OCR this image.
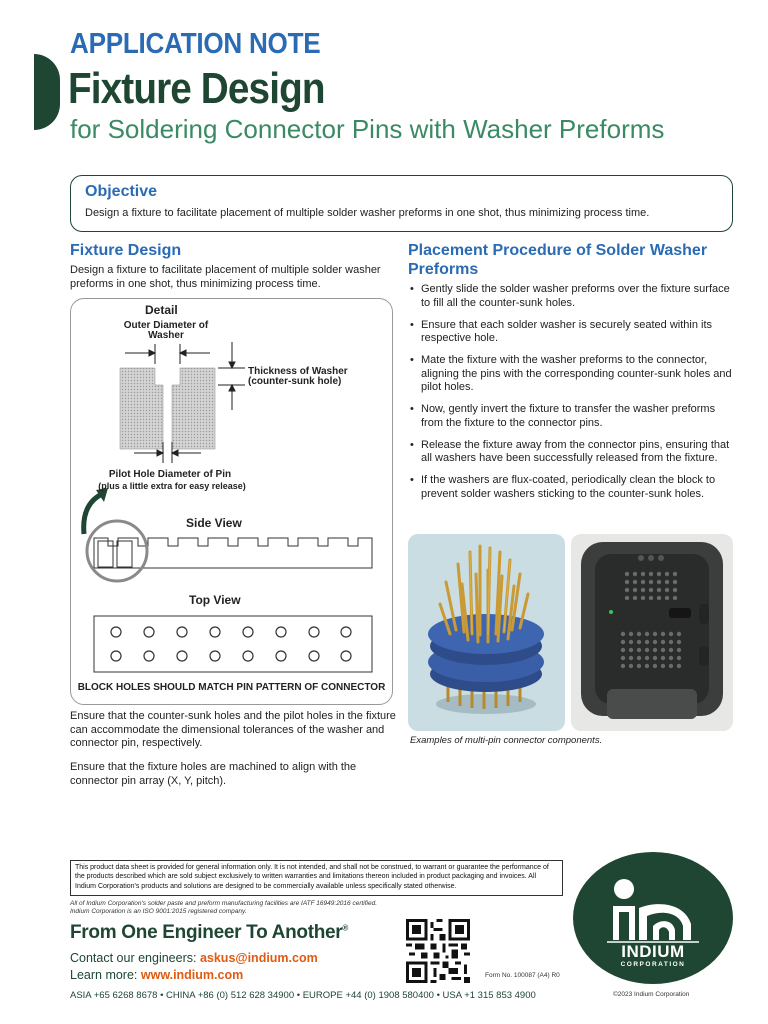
APPLICATION NOTE
Fixture Design
for Soldering Connector Pins with Washer Preforms
Objective
Design a fixture to facilitate placement of multiple solder washer preforms in one shot, thus minimizing process time.
Fixture Design
Design a fixture to facilitate placement of multiple solder washer preforms in one shot, thus minimizing process time.
Detail
Outer Diameter of Washer
Thickness of Washer (counter-sunk hole)
Pilot Hole Diameter of Pin
(plus a little extra for easy release)
Side View
Top View
BLOCK HOLES SHOULD MATCH PIN PATTERN OF CONNECTOR
Ensure that the counter-sunk holes and the pilot holes in the fixture can accommodate the dimensional tolerances of the washer and connector pin, respectively.
Ensure that the fixture holes are machined to align with the connector pin array (X, Y, pitch).
Placement Procedure of Solder Washer Preforms
• Gently slide the solder washer preforms over the fixture surface to fill all the counter-sunk holes.
• Ensure that each solder washer is securely seated within its respective hole.
• Mate the fixture with the washer preforms to the connector, aligning the pins with the corresponding counter-sunk holes and pilot holes.
• Now, gently invert the fixture to transfer the washer preforms from the fixture to the connector pins.
• Release the fixture away from the connector pins, ensuring that all washers have been successfully released from the fixture.
• If the washers are flux-coated, periodically clean the block to prevent solder washers sticking to the counter-sunk holes.
Examples of multi-pin connector components.
This product data sheet is provided for general information only. It is not intended, and shall not be construed, to warrant or guarantee the performance of the products described which are sold subject exclusively to written warranties and limitations thereon included in product packaging and invoices. All Indium Corporation's products and solutions are designed to be commercially available unless specifically stated otherwise.
All of Indium Corporation's solder paste and preform manufacturing facilities are IATF 16949:2016 certified.
Indium Corporation is an ISO 9001:2015 registered company.
From One Engineer To Another®
Contact our engineers: askus@indium.com
Learn more: www.indium.com
ASIA +65 6268 8678 • CHINA +86 (0) 512 628 34900 • EUROPE +44 (0) 1908 580400 • USA +1 315 853 4900
Form No. 100087 (A4) R0
INDIUM
CORPORATION
©2023 Indium Corporation
